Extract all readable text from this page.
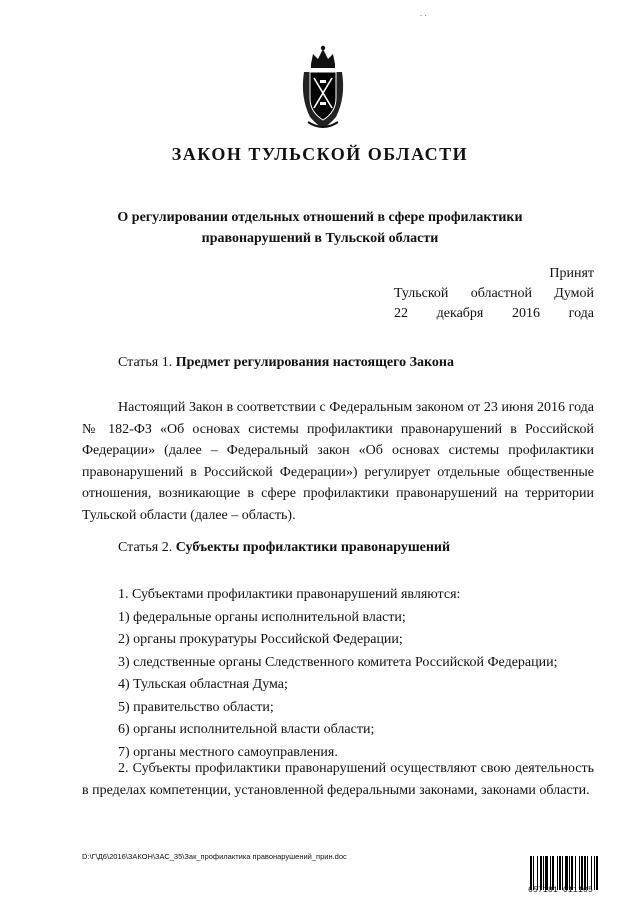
. .
ЗАКОН ТУЛЬСКОЙ ОБЛАСТИ
О регулировании отдельных отношений в сфере профилактики
правонарушений в Тульской области
Принят
Тульской областной Думой
22 декабря 2016 года
Статья 1. Предмет регулирования настоящего Закона
Настоящий Закон в соответствии с Федеральным законом от 23 июня 2016 года № 182-ФЗ «Об основах системы профилактики правонарушений в Российской Федерации» (далее – Федеральный закон «Об основах системы профилактики правонарушений в Российской Федерации») регулирует отдельные общественные отношения, возникающие в сфере профилактики правонарушений на территории Тульской области (далее – область).
Статья 2. Субъекты профилактики правонарушений
1. Субъектами профилактики правонарушений являются:
1) федеральные органы исполнительной власти;
2) органы прокуратуры Российской Федерации;
3) следственные органы Следственного комитета Российской Федерации;
4) Тульская областная Дума;
5) правительство области;
6) органы исполнительной власти области;
7) органы местного самоуправления.
2. Субъекты профилактики правонарушений осуществляют свою деятельность в пределах компетенции, установленной федеральными законами, законами области.
D:\Г\Д6\2016\ЗАКОН\ЗАС_35\Зак_профилактика правонарушений_прин.doc
657181 011105
